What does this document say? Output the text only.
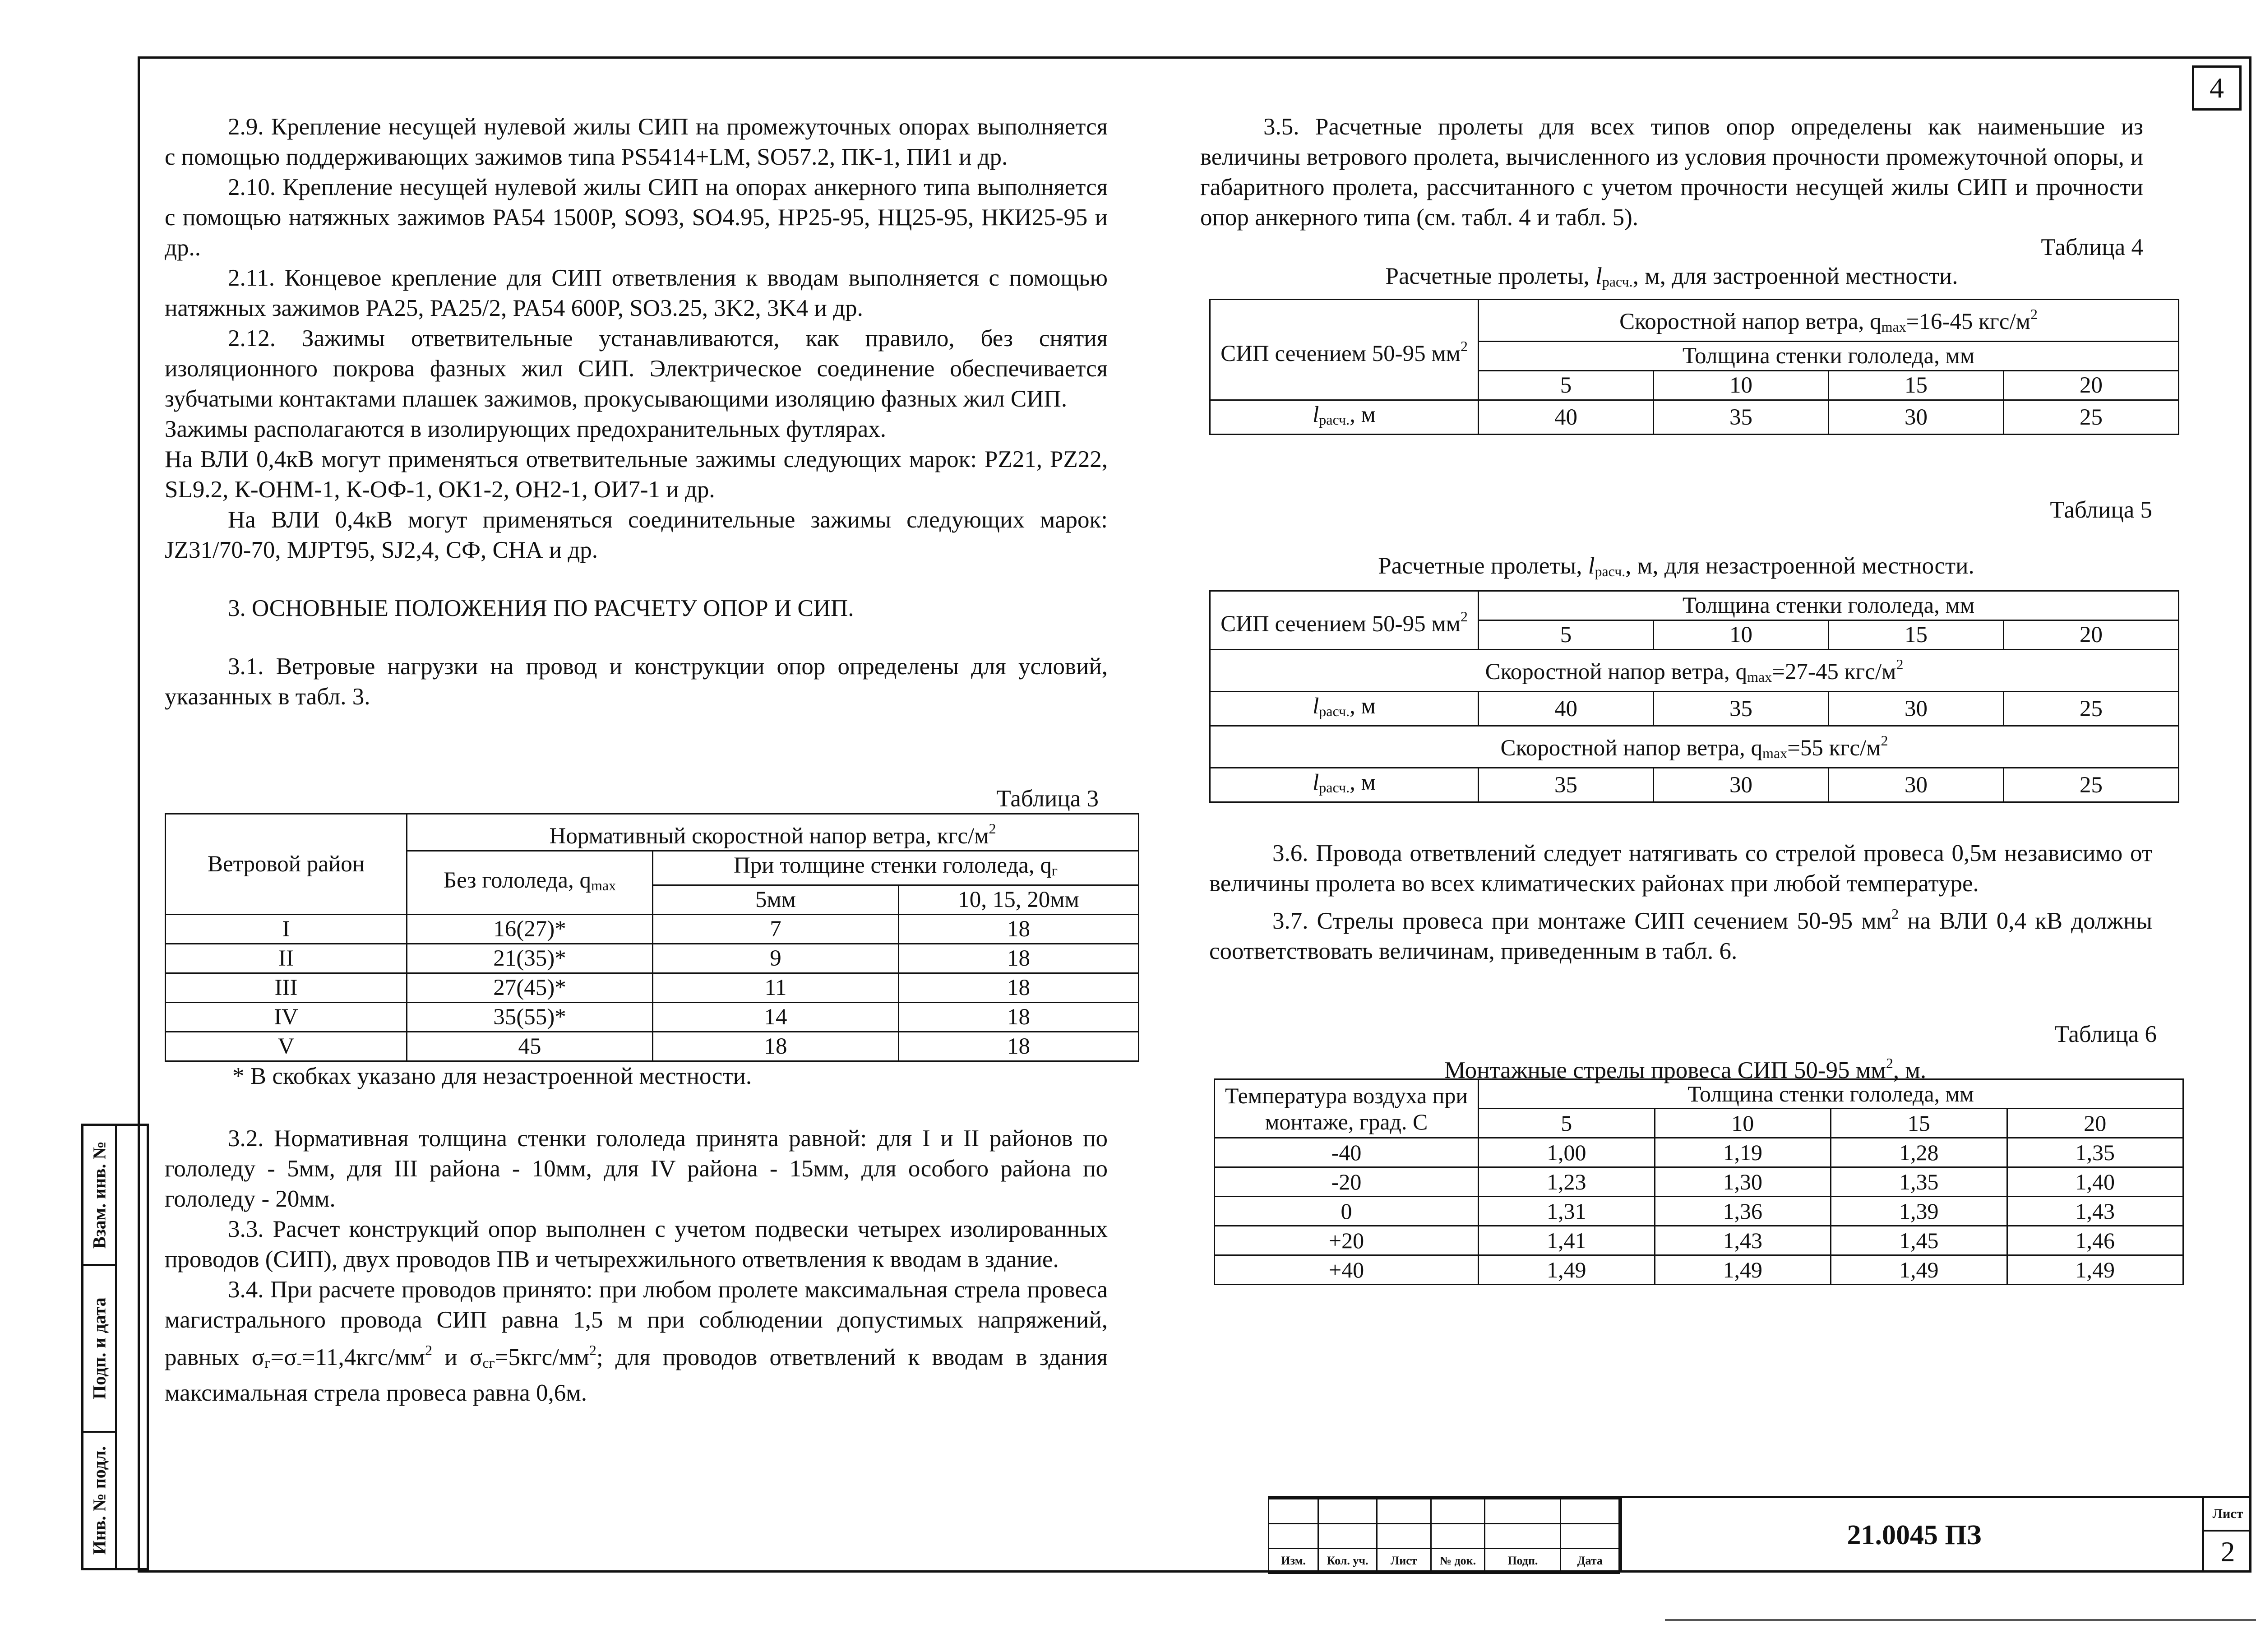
4

2.9. Крепление несущей нулевой жилы СИП на промежуточных опорах выполняется с помощью поддерживающих зажимов типа PS5414+LM, SO57.2, ПК-1, ПИ1 и др.

2.10. Крепление несущей нулевой жилы СИП на опорах анкерного типа выполняется с помощью натяжных зажимов PA54 1500P, SO93, SO4.95, HP25-95, НЦ25-95, НКИ25-95 и др..

2.11. Концевое крепление для СИП ответвления к вводам выполняется с помощью натяжных зажимов PA25, PA25/2, PA54 600P, SO3.25, 3K2, 3K4 и др.

2.12. Зажимы ответвительные устанавливаются, как правило, без снятия изоляционного покрова фазных жил СИП. Электрическое соединение обеспечивается зубчатыми контактами плашек зажимов, прокусывающими изоляцию фазных жил СИП.

Зажимы располагаются в изолирующих предохранительных футлярах.

На ВЛИ 0,4кВ могут применяться ответвительные зажимы следующих марок: PZ21, PZ22, SL9.2, К-ОНМ-1, К-ОФ-1, ОК1-2, ОН2-1, ОИ7-1 и др.

На ВЛИ 0,4кВ могут применяться соединительные зажимы следующих марок: JZ31/70-70, MJPT95, SJ2,4, СФ, СНА и др.

3. ОСНОВНЫЕ ПОЛОЖЕНИЯ ПО РАСЧЕТУ ОПОР И СИП.

3.1. Ветровые нагрузки на провод и конструкции опор определены для условий, указанных в табл. 3.

Таблица 3
Ветровой район	Нормативный скоростной напор ветра, кгс/$м^2$
	Без гололеда, qmax	При толщине стенки гололеда, qг	
		5мм	10, 15, 20мм
I	16(27)*	7	18
II	21(35)*	9	18
III	27(45)*	11	18
IV	35(55)*	14	18
V	45	18	18
* В скобках указано для незастроенной местности.

3.2. Нормативная толщина стенки гололеда принята равной: для I и II районов по гололеду - 5мм, для III района - 10мм, для IV района - 15мм, для особого района по гололеду - 20мм.

3.3. Расчет конструкций опор выполнен с учетом подвески четырех изолированных проводов (СИП), двух проводов ПВ и четырехжильного ответвления к вводам в здание.

3.4. При расчете проводов принято: при любом пролете максимальная стрела провеса магистрального провода СИП равна 1,5 м при соблюдении допустимых напряжений, равных $\sigma г=\sigma-=11,4кгс/мм^2$ и $\sigma сг=5кгс/мм^2$; для проводов ответвлений к вводам в здания максимальная стрела провеса равна 0,6м.

3.5. Расчетные пролеты для всех типов опор определены как наименьшие из величины ветрового пролета, вычисленного из условия прочности промежуточной опоры, и габаритного пролета, рассчитанного с учетом прочности несущей жилы СИП и прочности опор анкерного типа (см. табл. 4 и табл. 5).

Таблица 4
Расчетные пролеты, lрасч., м, для застроенной местности.
СИП сечением 50-95 $мм^2$	Скоростной напор ветра, qmax=16-45 кгс/$м^2$
	Толщина стенки гололеда, мм			
	5	10	15	20
lрасч., м	40	35	30	25
Таблица 5
Расчетные пролеты, lрасч., м, для незастроенной местности.
СИП сечением 50-95 $мм^2$	Толщина стенки гололеда, мм			
	5	10	15	20
Скоростной напор ветра, qmax=27-45 кгс/$м^2$
lрасч., м	40	35	30	25
Скоростной напор ветра, qmax=55 кгс/$м^2$
lрасч., м	35	30	30	25

3.6. Провода ответвлений следует натягивать со стрелой провеса 0,5м независимо от величины пролета во всех климатических районах при любой температуре.

3.7. Стрелы провеса при монтаже СИП сечением 50-95 $мм^2$ на ВЛИ 0,4 кВ должны соответствовать величинам, приведенным в табл. 6.

Таблица 6
Монтажные стрелы провеса СИП 50-95 $мм^2$, м.
Температура воздуха при монтаже, град. С	Толщина стенки гололеда, мм			
	5	10	15	20
-40	1,00	1,19	1,28	1,35
-20	1,23	1,30	1,35	1,40
0	1,31	1,36	1,39	1,43
+20	1,41	1,43	1,45	1,46
+40	1,49	1,49	1,49	1,49
Взам. инв. №
Подп. и дата
Инв. № подл.

Изм.	Кол. уч.	Лист	№ док.	Подп.	Дата
21.0045 ПЗ
Лист
2
